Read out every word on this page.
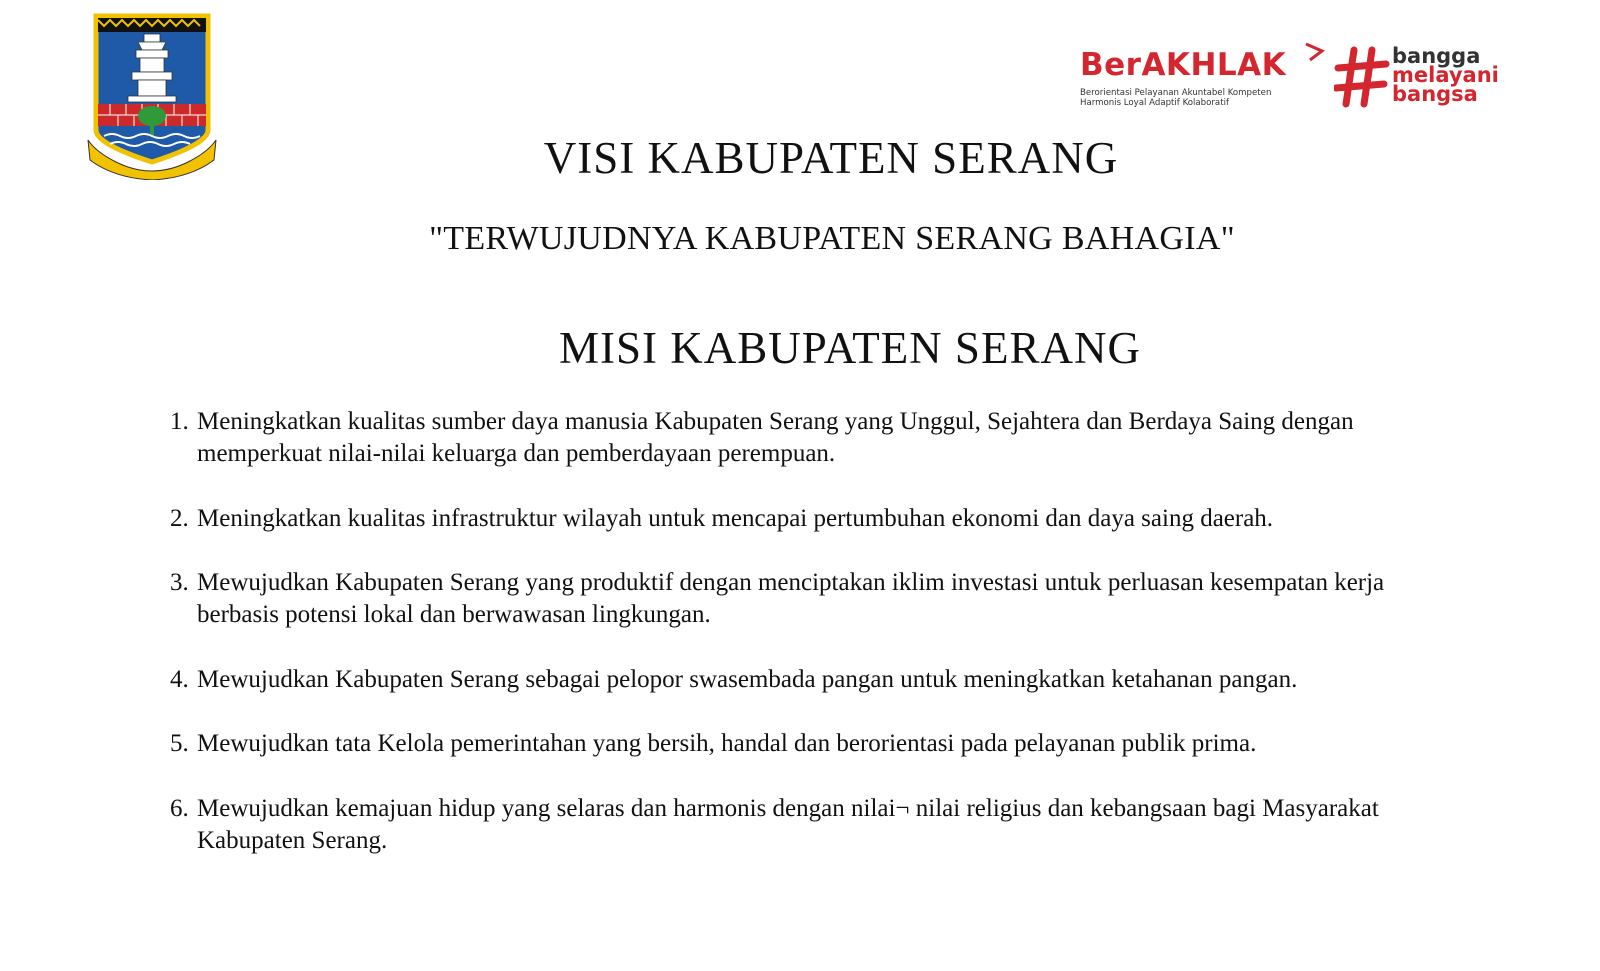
BerAKHLAK
Berorientasi Pelayanan Akuntabel Kompeten
Harmonis Loyal Adaptif Kolaboratif
bangga
melayani
bangsa
VISI KABUPATEN SERANG
"TERWUJUDNYA KABUPATEN SERANG BAHAGIA"
MISI KABUPATEN SERANG
1. Meningkatkan kualitas sumber daya manusia Kabupaten Serang yang Unggul, Sejahtera dan Berdaya Saing dengan memperkuat nilai-nilai keluarga dan pemberdayaan perempuan.
2. Meningkatkan kualitas infrastruktur wilayah untuk mencapai pertumbuhan ekonomi dan daya saing daerah.
3. Mewujudkan Kabupaten Serang yang produktif dengan menciptakan iklim investasi untuk perluasan kesempatan kerja berbasis potensi lokal dan berwawasan lingkungan.
4. Mewujudkan Kabupaten Serang sebagai pelopor swasembada pangan untuk meningkatkan ketahanan pangan.
5. Mewujudkan tata Kelola pemerintahan yang bersih, handal dan berorientasi pada pelayanan publik prima.
6. Mewujudkan kemajuan hidup yang selaras dan harmonis dengan nilai¬ nilai religius dan kebangsaan bagi Masyarakat Kabupaten Serang.
